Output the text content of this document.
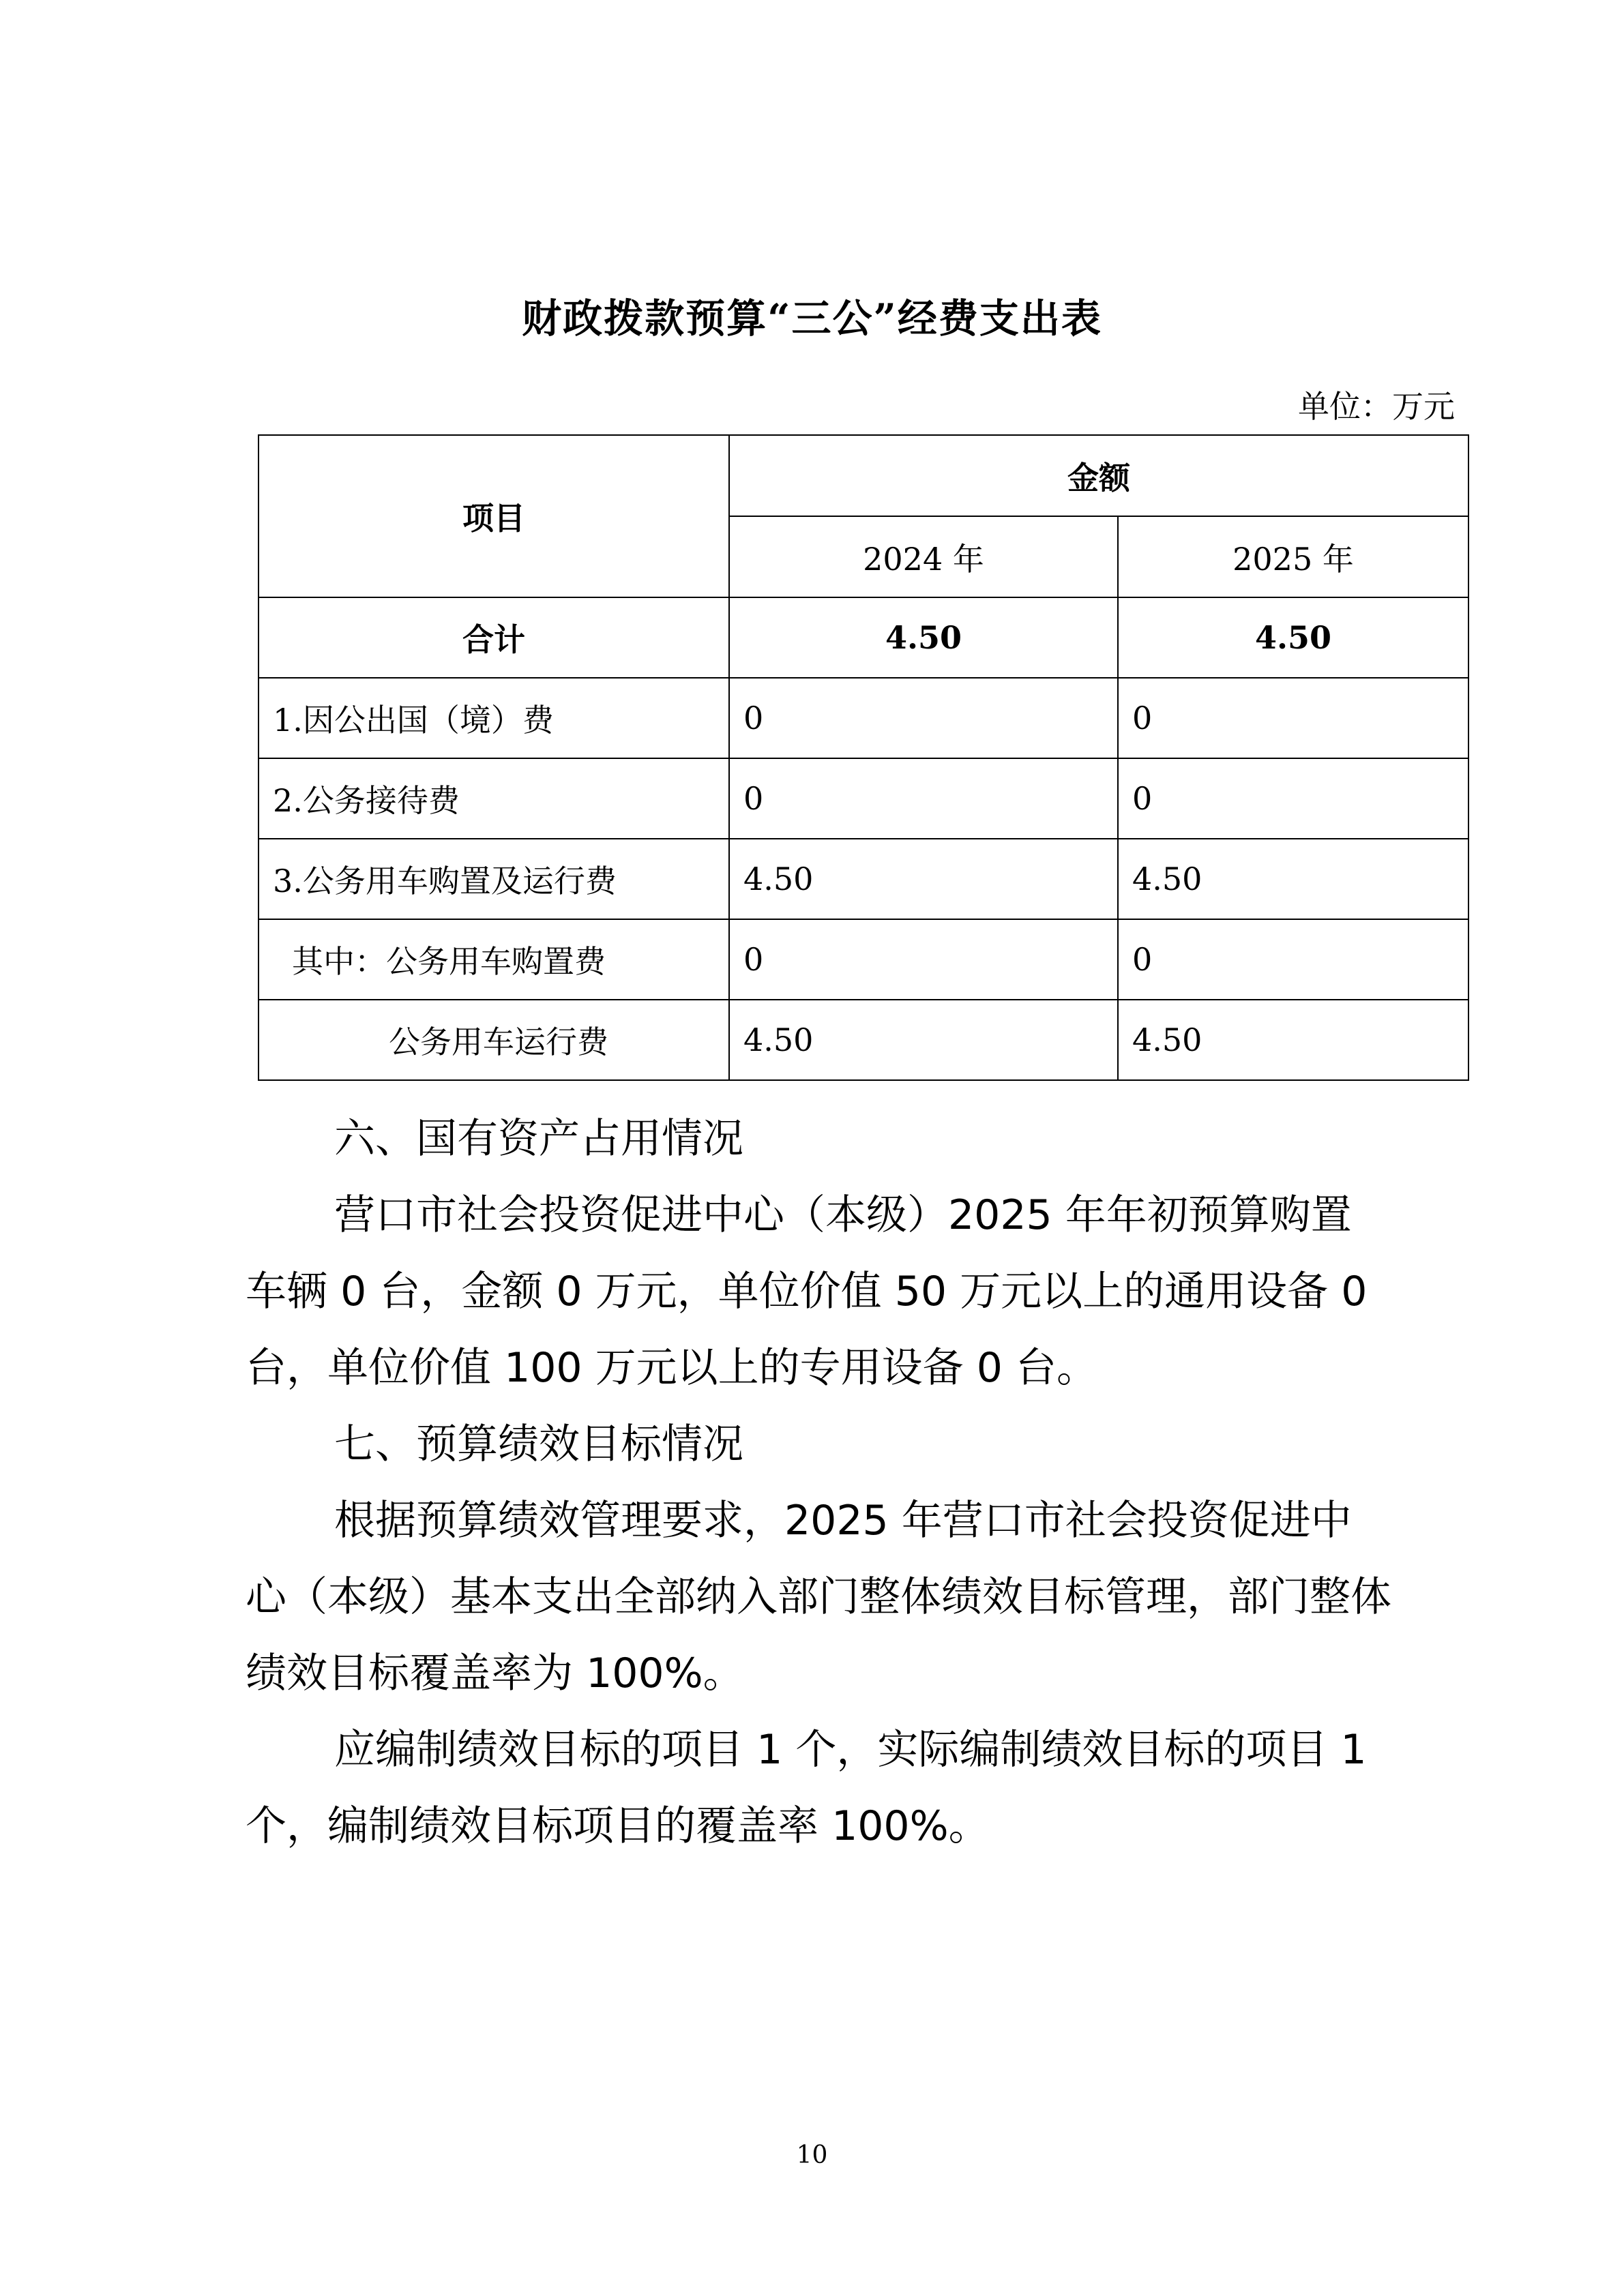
财政拨款预算“三公”经费支出表
单位：万元
项目	金额	
	2024 年	2025 年
合计	4.50	4.50
1.因公出国（境）费	0	0
2.公务接待费	0	0
3.公务用车购置及运行费	4.50	4.50
其中：公务用车购置费	0	0
公务用车运行费	4.50	4.50

六、国有资产占用情况

营口市社会投资促进中心（本级）2025 年年初预算购置车辆 0 台，金额 0 万元，单位价值 50 万元以上的通用设备 0 台，单位价值 100 万元以上的专用设备 0 台。

七、预算绩效目标情况

根据预算绩效管理要求，2025 年营口市社会投资促进中心（本级）基本支出全部纳入部门整体绩效目标管理，部门整体绩效目标覆盖率为 100%。

应编制绩效目标的项目 1 个，实际编制绩效目标的项目 1 个，编制绩效目标项目的覆盖率 100%。

10
